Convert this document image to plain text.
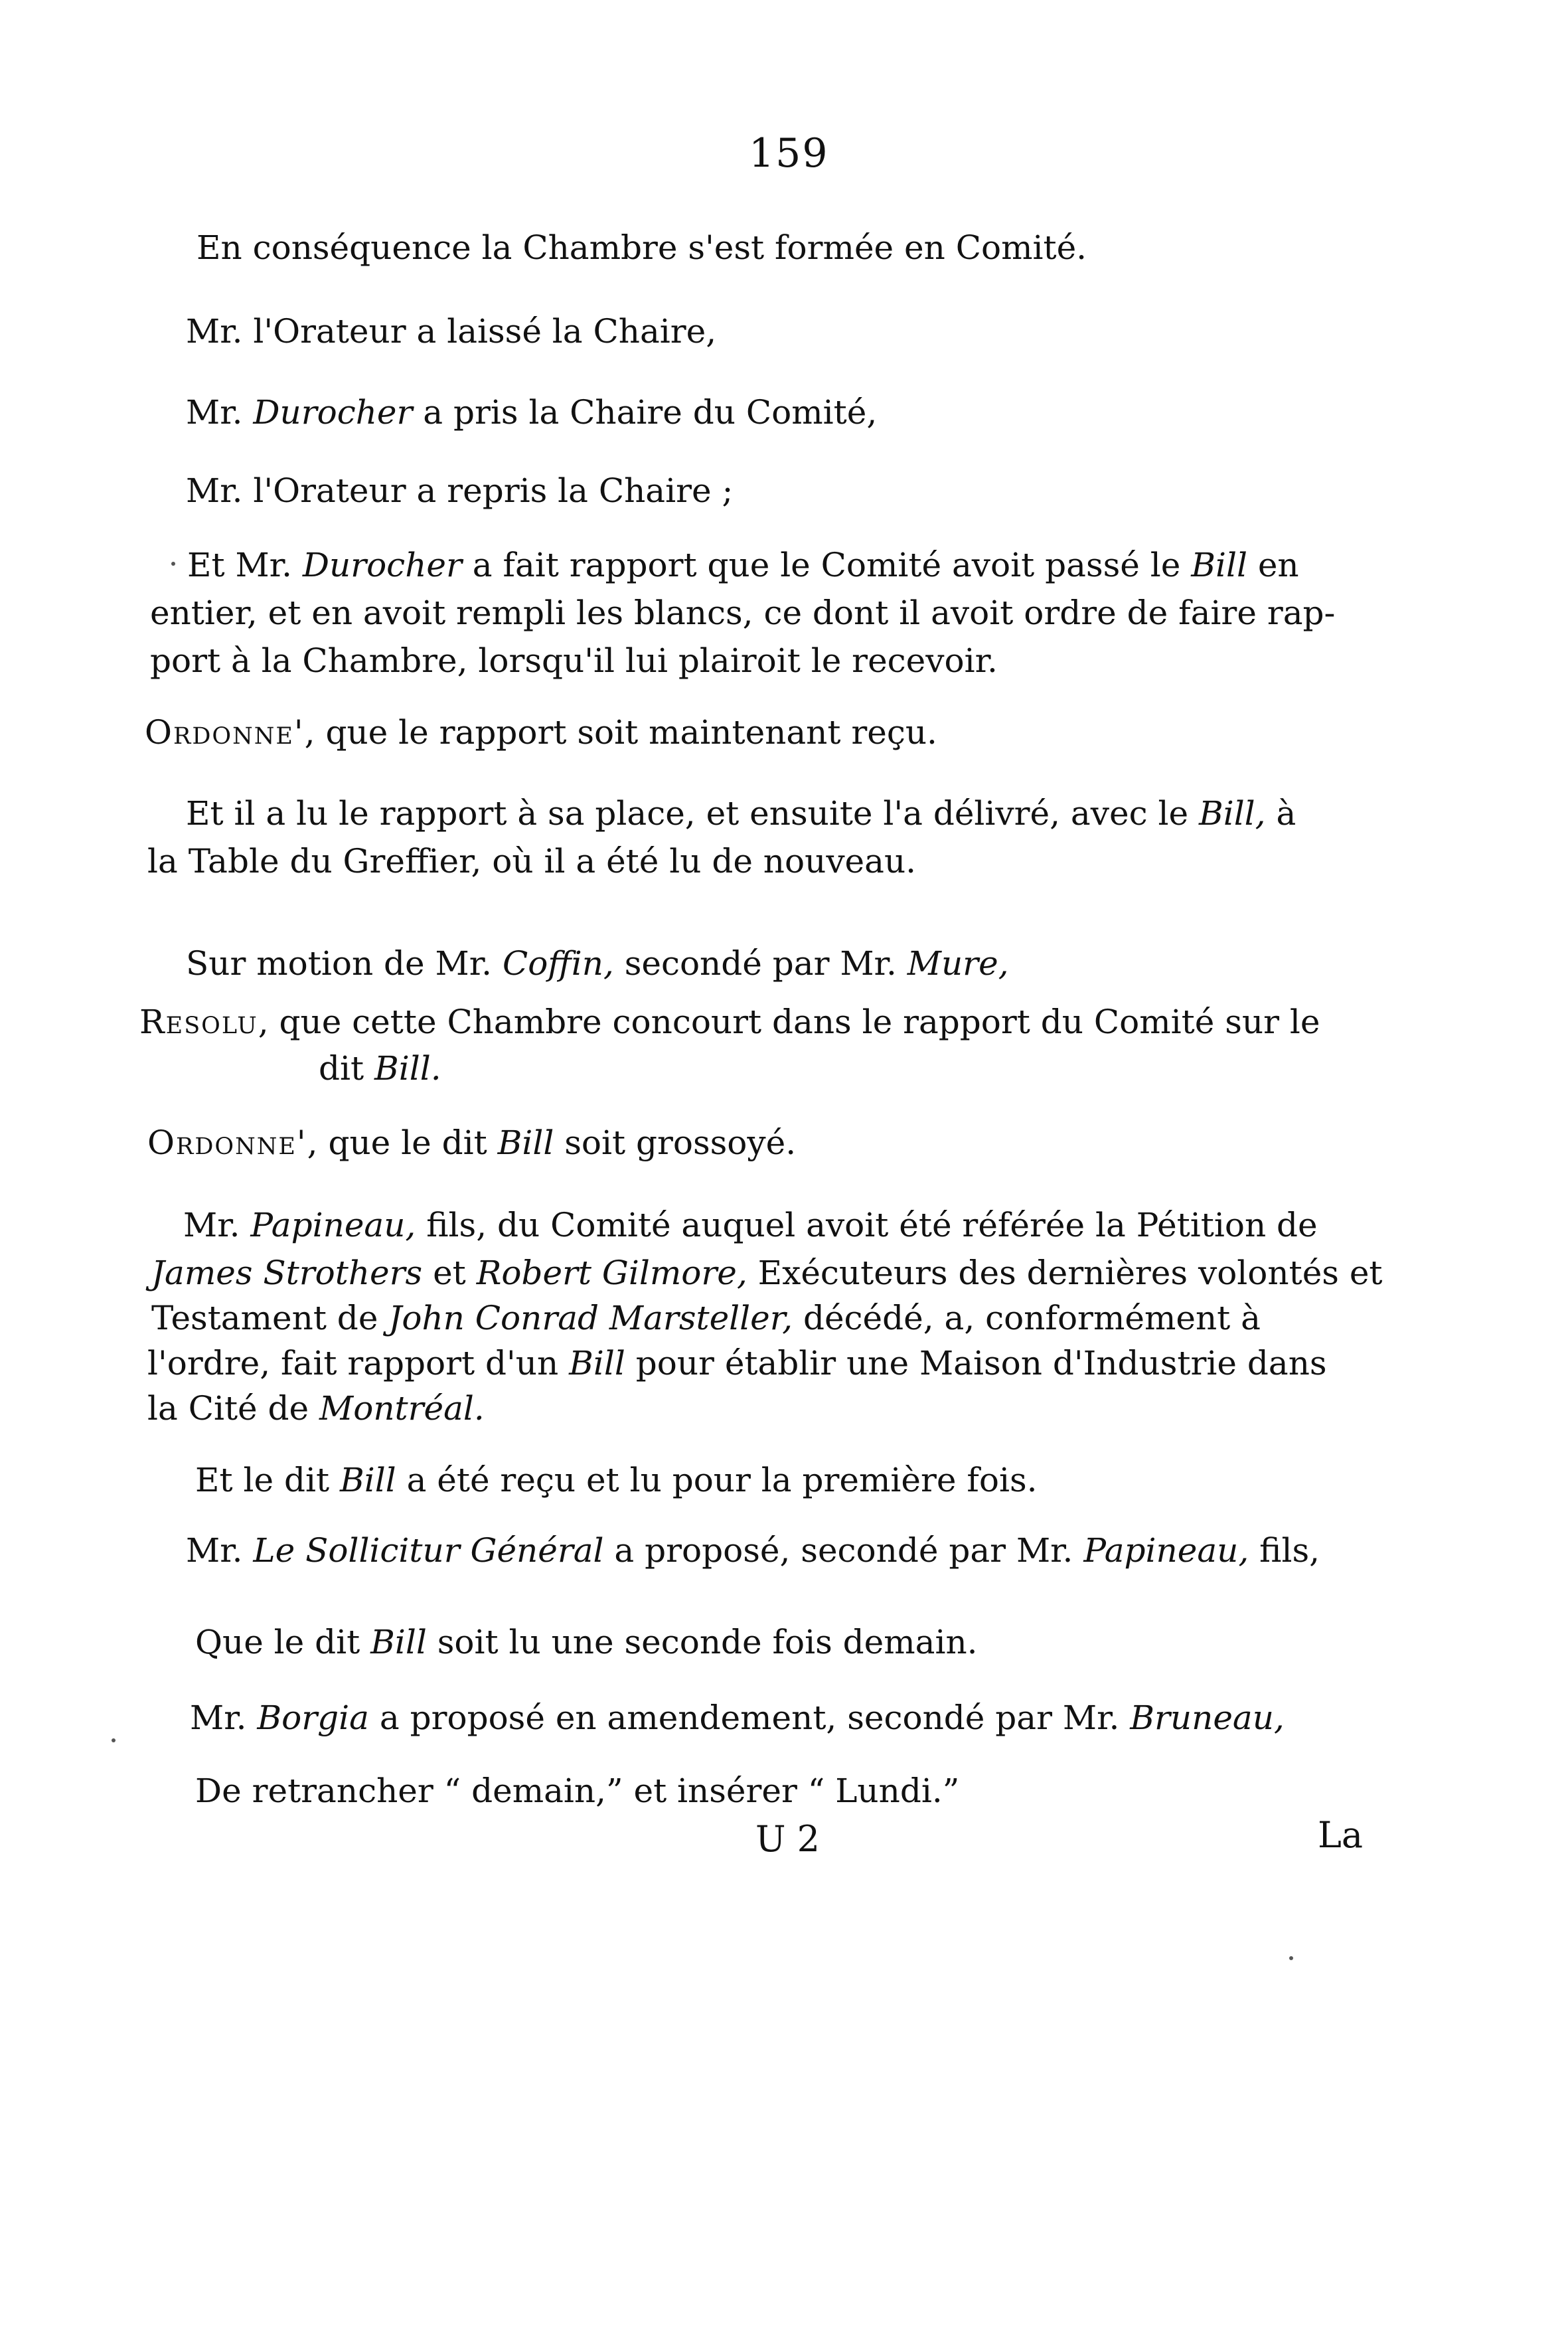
159
En conséquence la Chambre s'est formée en Comité.
Mr. l'Orateur a laissé la Chaire,
Mr. Durocher a pris la Chaire du Comité,
Mr. l'Orateur a repris la Chaire ;
Et Mr. Durocher a fait rapport que le Comité avoit passé le Bill en
entier, et en avoit rempli les blancs, ce dont il avoit ordre de faire rap-
port à la Chambre, lorsqu'il lui plairoit le recevoir.
Ordonne', que le rapport soit maintenant reçu.
Et il a lu le rapport à sa place, et ensuite l'a délivré, avec le Bill, à
la Table du Greffier, où il a été lu de nouveau.
Sur motion de Mr. Coffin, secondé par Mr. Mure,
Resolu, que cette Chambre concourt dans le rapport du Comité sur le
dit Bill.
Ordonne', que le dit Bill soit grossoyé.
Mr. Papineau, fils, du Comité auquel avoit été référée la Pétition de
James Strothers et Robert Gilmore, Exécuteurs des dernières volontés et
Testament de John Conrad Marsteller, décédé, a, conformément à
l'ordre, fait rapport d'un Bill pour établir une Maison d'Industrie dans
la Cité de Montréal.
Et le dit Bill a été reçu et lu pour la première fois.
Mr. Le Sollicitur Général a proposé, secondé par Mr. Papineau, fils,
Que le dit Bill soit lu une seconde fois demain.
Mr. Borgia a proposé en amendement, secondé par Mr. Bruneau,
De retrancher “ demain,” et insérer “ Lundi.”
U 2	La
